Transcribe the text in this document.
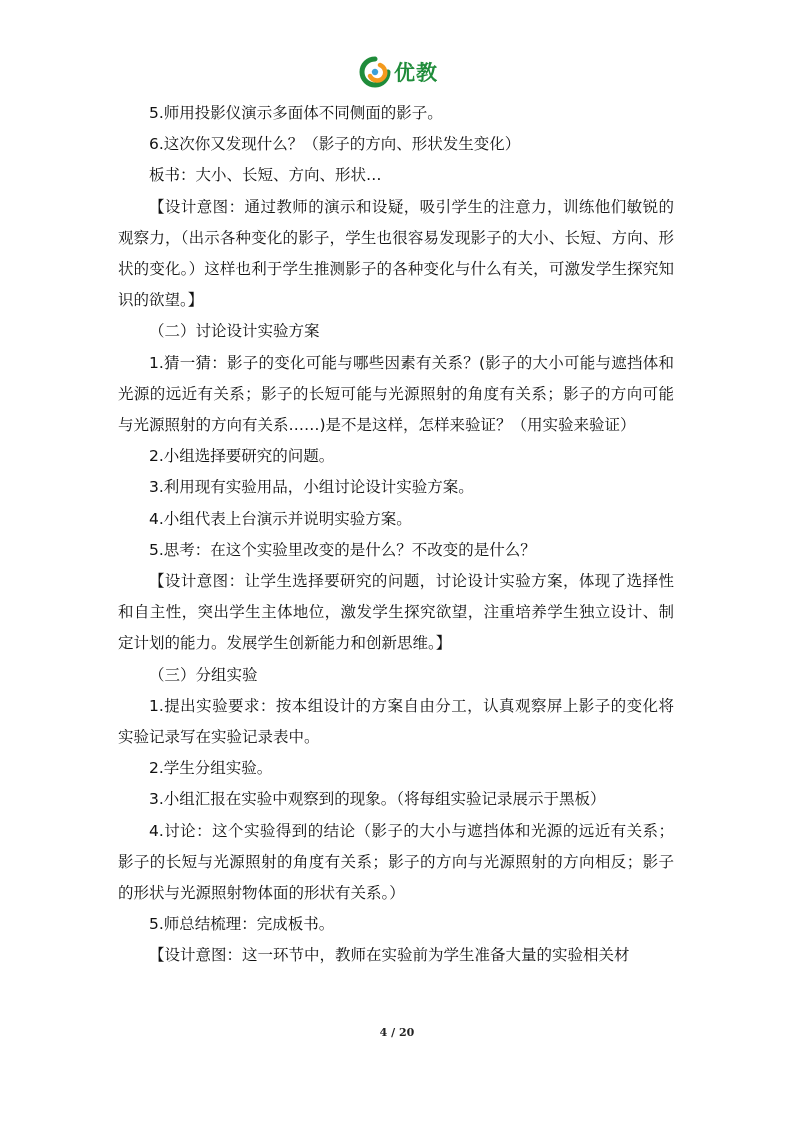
优教

5.师用投影仪演示多面体不同侧面的影子。

6.这次你又发现什么？（影子的方向、形状发生变化）

板书：大小、长短、方向、形状…

【设计意图：通过教师的演示和设疑，吸引学生的注意力，训练他们敏锐的观察力，（出示各种变化的影子，学生也很容易发现影子的大小、长短、方向、形状的变化。）这样也利于学生推测影子的各种变化与什么有关，可激发学生探究知识的欲望。】

（二）讨论设计实验方案

1.猜一猜：影子的变化可能与哪些因素有关系？(影子的大小可能与遮挡体和光源的远近有关系；影子的长短可能与光源照射的角度有关系；影子的方向可能与光源照射的方向有关系……)是不是这样，怎样来验证？（用实验来验证）

2.小组选择要研究的问题。

3.利用现有实验用品，小组讨论设计实验方案。

4.小组代表上台演示并说明实验方案。

5.思考：在这个实验里改变的是什么？不改变的是什么？

【设计意图：让学生选择要研究的问题，讨论设计实验方案，体现了选择性和自主性，突出学生主体地位，激发学生探究欲望，注重培养学生独立设计、制定计划的能力。发展学生创新能力和创新思维。】

（三）分组实验

1.提出实验要求：按本组设计的方案自由分工，认真观察屏上影子的变化将实验记录写在实验记录表中。

2.学生分组实验。

3.小组汇报在实验中观察到的现象。（将每组实验记录展示于黑板）

4.讨论：这个实验得到的结论（影子的大小与遮挡体和光源的远近有关系；影子的长短与光源照射的角度有关系；影子的方向与光源照射的方向相反；影子的形状与光源照射物体面的形状有关系。）

5.师总结梳理：完成板书。

【设计意图：这一环节中，教师在实验前为学生准备大量的实验相关材

4 / 20
